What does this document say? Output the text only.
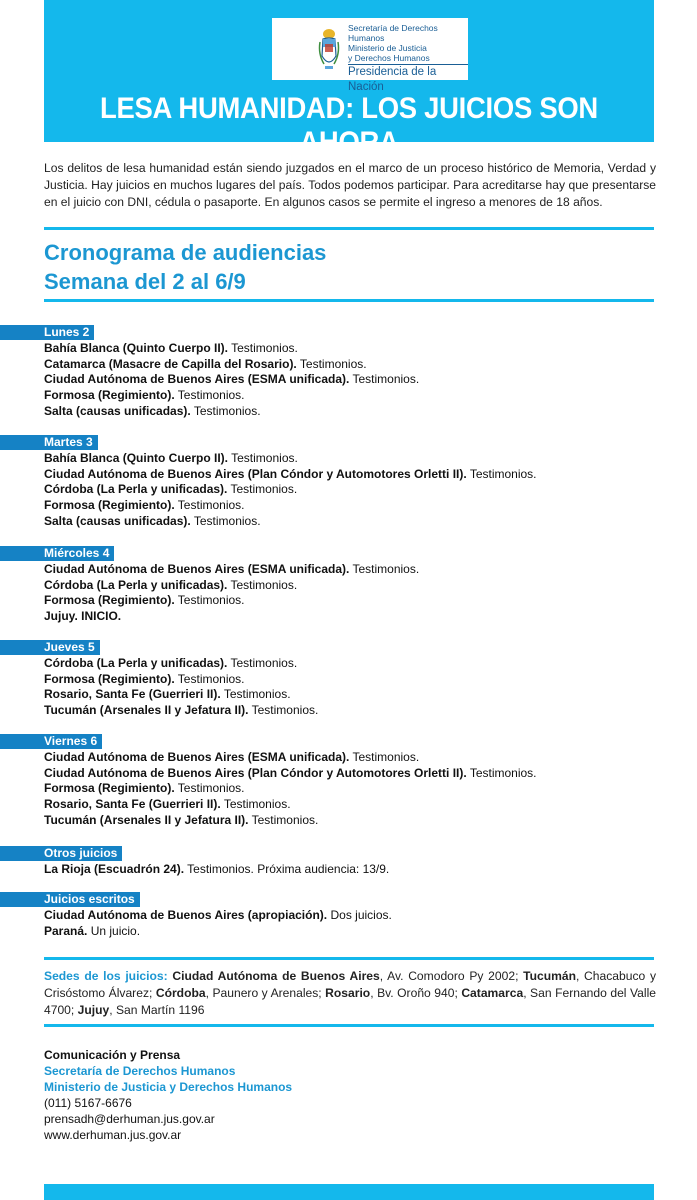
Secretaría de Derechos Humanos
Ministerio de Justicia
y Derechos Humanos
Presidencia de la Nación
LESA HUMANIDAD: LOS JUICIOS SON AHORA
Los delitos de lesa humanidad están siendo juzgados en el marco de un proceso histórico de Memoria, Verdad y Justicia. Hay juicios en muchos lugares del país. Todos podemos participar. Para acreditarse hay que presentarse en el juicio con DNI, cédula o pasaporte. En algunos casos se permite el ingreso a menores de 18 años.
Cronograma de audiencias
Semana del 2 al 6/9
Lunes 2
Bahía Blanca (Quinto Cuerpo II). Testimonios.
Catamarca (Masacre de Capilla del Rosario). Testimonios.
Ciudad Autónoma de Buenos Aires (ESMA unificada). Testimonios.
Formosa (Regimiento). Testimonios.
Salta (causas unificadas). Testimonios.
Martes 3
Bahía Blanca (Quinto Cuerpo II). Testimonios.
Ciudad Autónoma de Buenos Aires (Plan Cóndor y Automotores Orletti II). Testimonios.
Córdoba (La Perla y unificadas). Testimonios.
Formosa (Regimiento). Testimonios.
Salta (causas unificadas). Testimonios.
Miércoles 4
Ciudad Autónoma de Buenos Aires (ESMA unificada). Testimonios.
Córdoba (La Perla y unificadas). Testimonios.
Formosa (Regimiento). Testimonios.
Jujuy. INICIO.
Jueves 5
Córdoba (La Perla y unificadas). Testimonios.
Formosa (Regimiento). Testimonios.
Rosario, Santa Fe (Guerrieri II). Testimonios.
Tucumán (Arsenales II y Jefatura II). Testimonios.
Viernes 6
Ciudad Autónoma de Buenos Aires (ESMA unificada). Testimonios.
Ciudad Autónoma de Buenos Aires (Plan Cóndor y Automotores Orletti II). Testimonios.
Formosa (Regimiento). Testimonios.
Rosario, Santa Fe (Guerrieri II). Testimonios.
Tucumán (Arsenales II y Jefatura II). Testimonios.
Otros juicios
La Rioja (Escuadrón 24). Testimonios. Próxima audiencia: 13/9.
Juicios escritos
Ciudad Autónoma de Buenos Aires (apropiación). Dos juicios.
Paraná. Un juicio.
Sedes de los juicios: Ciudad Autónoma de Buenos Aires, Av. Comodoro Py 2002; Tucumán, Chacabuco y Crisóstomo Álvarez; Córdoba, Paunero y Arenales; Rosario, Bv. Oroño 940; Catamarca, San Fernando del Valle 4700; Jujuy, San Martín 1196
Comunicación y Prensa
Secretaría de Derechos Humanos
Ministerio de Justicia y Derechos Humanos
(011) 5167-6676
prensadh@derhuman.jus.gov.ar
www.derhuman.jus.gov.ar
